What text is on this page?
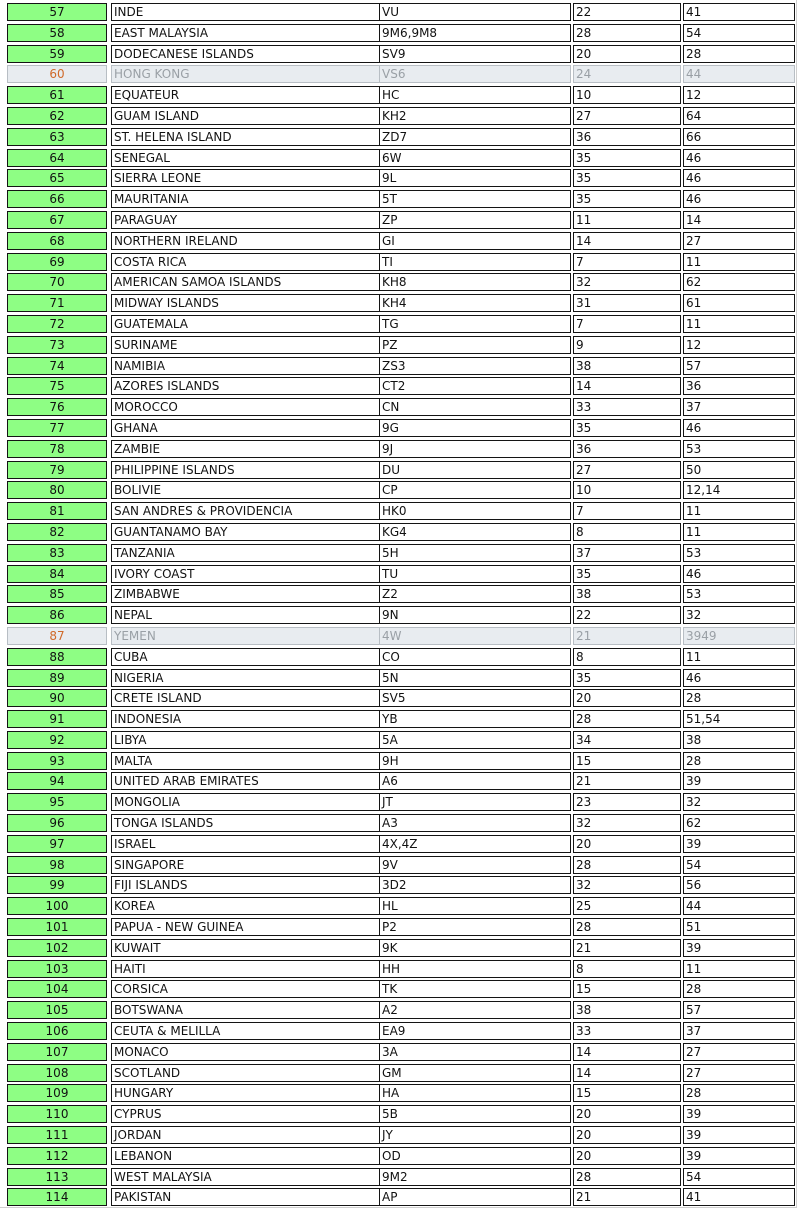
57	INDE	VU	22	41
58	EAST MALAYSIA	9M6,9M8	28	54
59	DODECANESE ISLANDS	SV9	20	28
60	HONG KONG	VS6	24	44
61	EQUATEUR	HC	10	12
62	GUAM ISLAND	KH2	27	64
63	ST. HELENA ISLAND	ZD7	36	66
64	SENEGAL	6W	35	46
65	SIERRA LEONE	9L	35	46
66	MAURITANIA	5T	35	46
67	PARAGUAY	ZP	11	14
68	NORTHERN IRELAND	GI	14	27
69	COSTA RICA	TI	7	11
70	AMERICAN SAMOA ISLANDS	KH8	32	62
71	MIDWAY ISLANDS	KH4	31	61
72	GUATEMALA	TG	7	11
73	SURINAME	PZ	9	12
74	NAMIBIA	ZS3	38	57
75	AZORES ISLANDS	CT2	14	36
76	MOROCCO	CN	33	37
77	GHANA	9G	35	46
78	ZAMBIE	9J	36	53
79	PHILIPPINE ISLANDS	DU	27	50
80	BOLIVIE	CP	10	12,14
81	SAN ANDRES & PROVIDENCIA	HK0	7	11
82	GUANTANAMO BAY	KG4	8	11
83	TANZANIA	5H	37	53
84	IVORY COAST	TU	35	46
85	ZIMBABWE	Z2	38	53
86	NEPAL	9N	22	32
87	YEMEN	4W	21	3949
88	CUBA	CO	8	11
89	NIGERIA	5N	35	46
90	CRETE ISLAND	SV5	20	28
91	INDONESIA	YB	28	51,54
92	LIBYA	5A	34	38
93	MALTA	9H	15	28
94	UNITED ARAB EMIRATES	A6	21	39
95	MONGOLIA	JT	23	32
96	TONGA ISLANDS	A3	32	62
97	ISRAEL	4X,4Z	20	39
98	SINGAPORE	9V	28	54
99	FIJI ISLANDS	3D2	32	56
100	KOREA	HL	25	44
101	PAPUA - NEW GUINEA	P2	28	51
102	KUWAIT	9K	21	39
103	HAITI	HH	8	11
104	CORSICA	TK	15	28
105	BOTSWANA	A2	38	57
106	CEUTA & MELILLA	EA9	33	37
107	MONACO	3A	14	27
108	SCOTLAND	GM	14	27
109	HUNGARY	HA	15	28
110	CYPRUS	5B	20	39
111	JORDAN	JY	20	39
112	LEBANON	OD	20	39
113	WEST MALAYSIA	9M2	28	54
114	PAKISTAN	AP	21	41
